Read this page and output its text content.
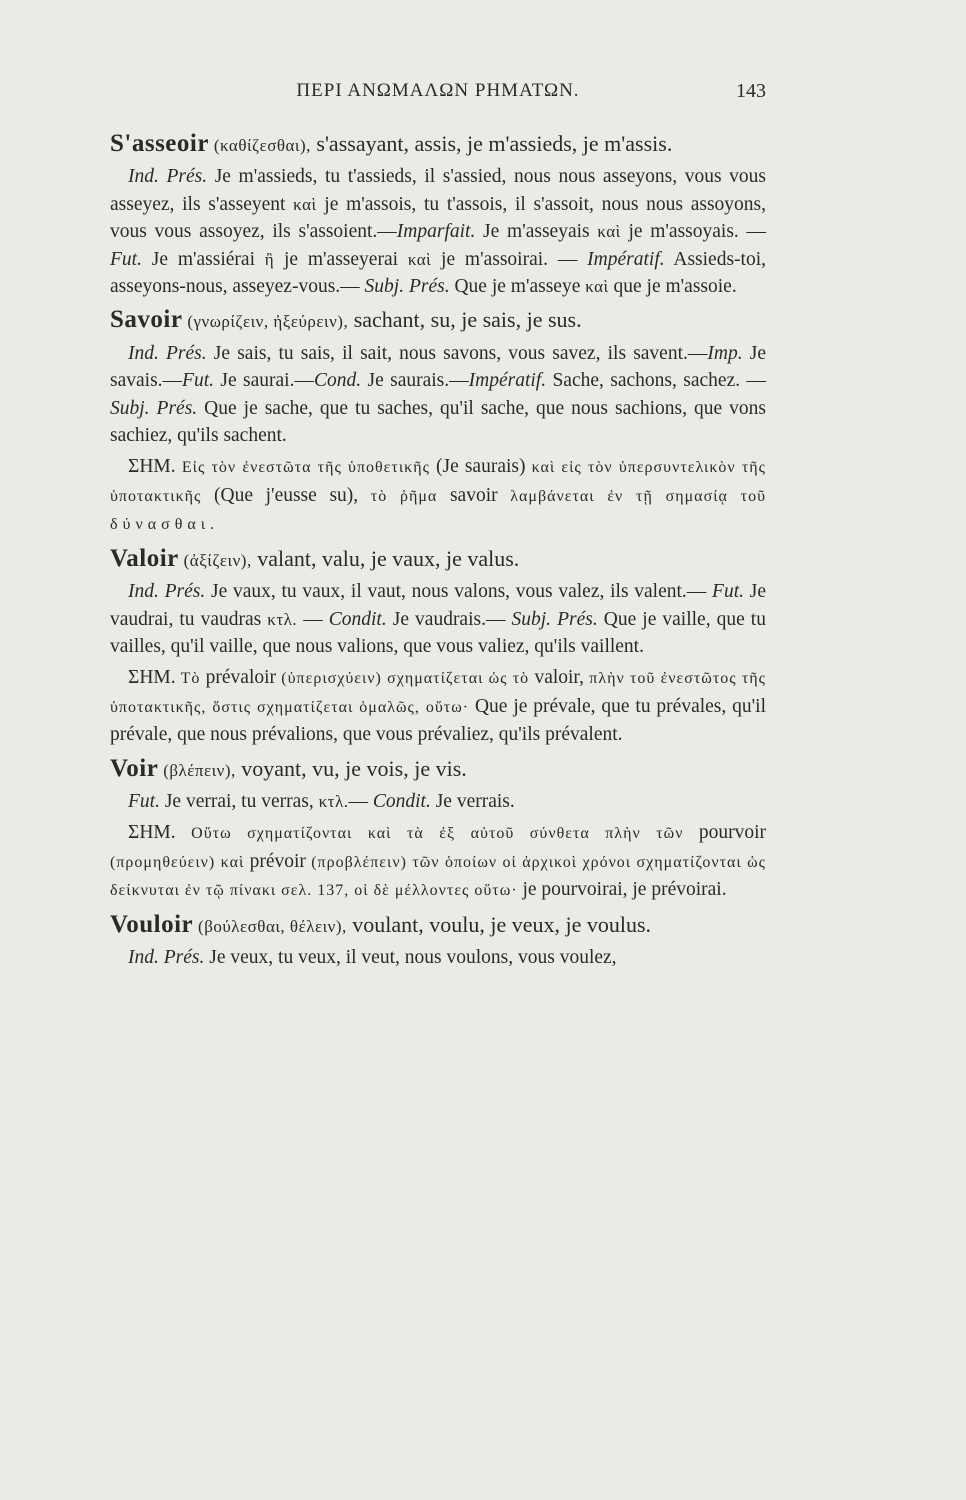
ΠΕΡΙ ΑΝΩΜΑΛΩΝ ΡΗΜΑΤΩΝ.	143

S'asseoir (καθίζεσθαι), s'assayant, assis, je m'assieds, je m'assis.

Ind. Prés. Je m'assieds, tu t'assieds, il s'assied, nous nous asseyons, vous vous asseyez, ils s'asseyent καὶ je m'assois, tu t'assois, il s'assoit, nous nous assoyons, vous vous assoyez, ils s'assoient.—Imparfait. Je m'asseyais καὶ je m'assoyais. — Fut. Je m'assiérai ἢ je m'asseyerai καὶ je m'assoirai. — Impératif. Assieds-toi, asseyons-nous, asseyez-vous.— Subj. Prés. Que je m'asseye καὶ que je m'assoie.

Savoir (γνωρίζειν, ἠξεύρειν), sachant, su, je sais, je sus.

Ind. Prés. Je sais, tu sais, il sait, nous savons, vous savez, ils savent.—Imp. Je savais.—Fut. Je saurai.—Cond. Je saurais.—Impératif. Sache, sachons, sachez. —Subj. Prés. Que je sache, que tu saches, qu'il sache, que nous sachions, que vons sachiez, qu'ils sachent.

ΣΗΜ. Εἰς τὸν ἐνεστῶτα τῆς ὑποθετικῆς (Je saurais) καὶ εἰς τὸν ὑπερσυντελικὸν τῆς ὑποτακτικῆς (Que j'eusse su), τὸ ῥῆμα savoir λαμβάνεται ἐν τῇ σημασίᾳ τοῦ δύνασθαι.

Valoir (ἀξίζειν), valant, valu, je vaux, je valus.

Ind. Prés. Je vaux, tu vaux, il vaut, nous valons, vous valez, ils valent.— Fut. Je vaudrai, tu vaudras κτλ. — Condit. Je vaudrais.— Subj. Prés. Que je vaille, que tu vailles, qu'il vaille, que nous valions, que vous valiez, qu'ils vaillent.

ΣΗΜ. Τὸ prévaloir (ὑπερισχύειν) σχηματίζεται ὡς τὸ valoir, πλὴν τοῦ ἐνεστῶτος τῆς ὑποτακτικῆς, ὅστις σχηματίζεται ὁμαλῶς, οὕτω· Que je prévale, que tu prévales, qu'il prévale, que nous prévalions, que vous prévaliez, qu'ils prévalent.

Voir (βλέπειν), voyant, vu, je vois, je vis.

Fut. Je verrai, tu verras, κτλ.— Condit. Je verrais.

ΣΗΜ. Οὕτω σχηματίζονται καὶ τὰ ἐξ αὐτοῦ σύνθετα πλὴν τῶν pourvoir (προμηθεύειν) καὶ prévoir (προβλέπειν) τῶν ὁποίων οἱ ἀρχικοὶ χρόνοι σχηματίζονται ὡς δείκνυται ἐν τῷ πίνακι σελ. 137, οἱ δὲ μέλλοντες οὕτω· je pourvoirai, je prévoirai.

Vouloir (βούλεσθαι, θέλειν), voulant, voulu, je veux, je voulus.

Ind. Prés. Je veux, tu veux, il veut, nous voulons, vous voulez,
